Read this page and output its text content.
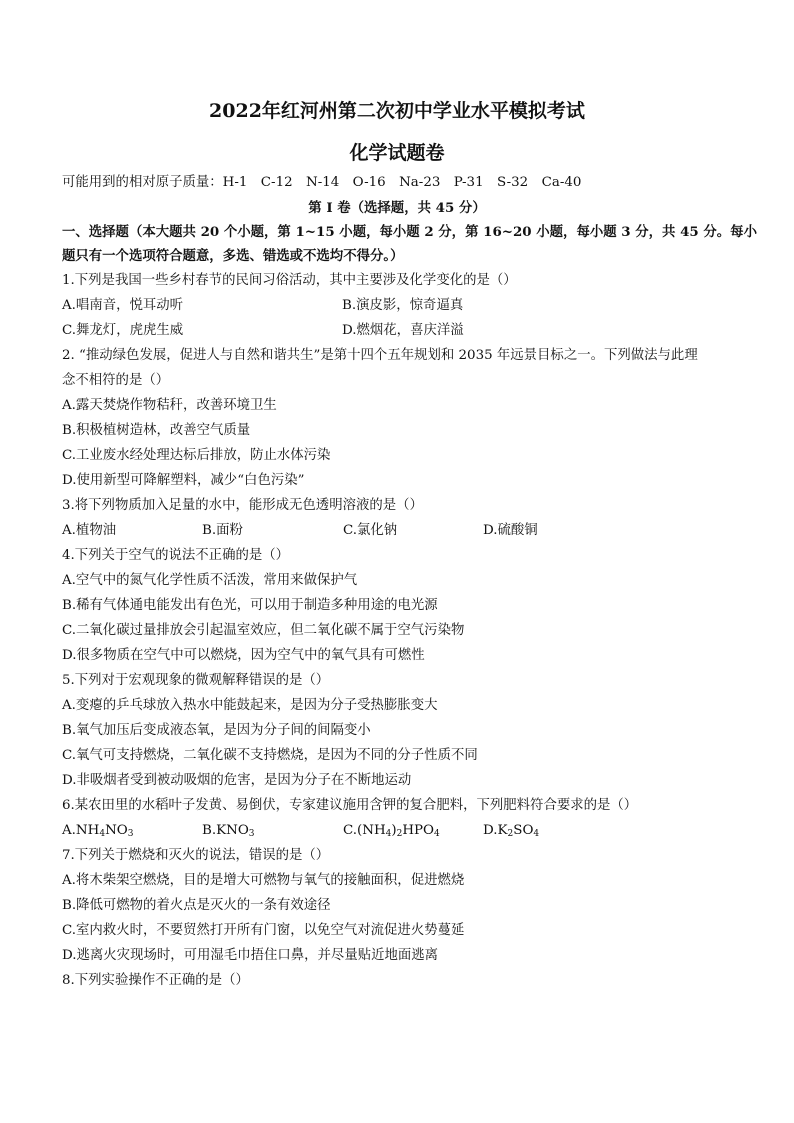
2022年红河州第二次初中学业水平模拟考试
化学试题卷
可能用到的相对原子质量：H-1　C-12　N-14　O-16　Na-23　P-31　S-32　Ca-40
第 I 卷（选择题，共 45 分）
一、选择题（本大题共 20 个小题，第 1~15 小题，每小题 2 分，第 16~20 小题，每小题 3 分，共 45 分。每小
题只有一个选项符合题意，多选、错选或不选均不得分。）
1.下列是我国一些乡村春节的民间习俗活动，其中主要涉及化学变化的是（）
A.唱南音，悦耳动听	B.演皮影，惊奇逼真
C.舞龙灯，虎虎生威	D.燃烟花，喜庆洋溢
2. “推动绿色发展，促进人与自然和谐共生”是第十四个五年规划和 2035 年远景目标之一。下列做法与此理
念不相符的是（）
A.露天焚烧作物秸秆，改善环境卫生
B.积极植树造林，改善空气质量
C.工业废水经处理达标后排放，防止水体污染
D.使用新型可降解塑料，减少“白色污染”
3.将下列物质加入足量的水中，能形成无色透明溶液的是（）
A.植物油	B.面粉	C.氯化钠	D.硫酸铜
4.下列关于空气的说法不正确的是（）
A.空气中的氮气化学性质不活泼，常用来做保护气
B.稀有气体通电能发出有色光，可以用于制造多种用途的电光源
C.二氧化碳过量排放会引起温室效应，但二氧化碳不属于空气污染物
D.很多物质在空气中可以燃烧，因为空气中的氧气具有可燃性
5.下列对于宏观现象的微观解释错误的是（）
A.变瘪的乒乓球放入热水中能鼓起来，是因为分子受热膨胀变大
B.氧气加压后变成液态氧，是因为分子间的间隔变小
C.氧气可支持燃烧，二氧化碳不支持燃烧，是因为不同的分子性质不同
D.非吸烟者受到被动吸烟的危害，是因为分子在不断地运动
6.某农田里的水稻叶子发黄、易倒伏，专家建议施用含钾的复合肥料，下列肥料符合要求的是（）
$A.NH_4NO_3$	$B.KNO_3$	$C.(NH_4)_2HPO_4$	$D.K_2SO_4$
7.下列关于燃烧和灭火的说法，错误的是（）
A.将木柴架空燃烧，目的是增大可燃物与氧气的接触面积，促进燃烧
B.降低可燃物的着火点是灭火的一条有效途径
C.室内救火时，不要贸然打开所有门窗，以免空气对流促进火势蔓延
D.逃离火灾现场时，可用湿毛巾捂住口鼻，并尽量贴近地面逃离
8.下列实验操作不正确的是（）
